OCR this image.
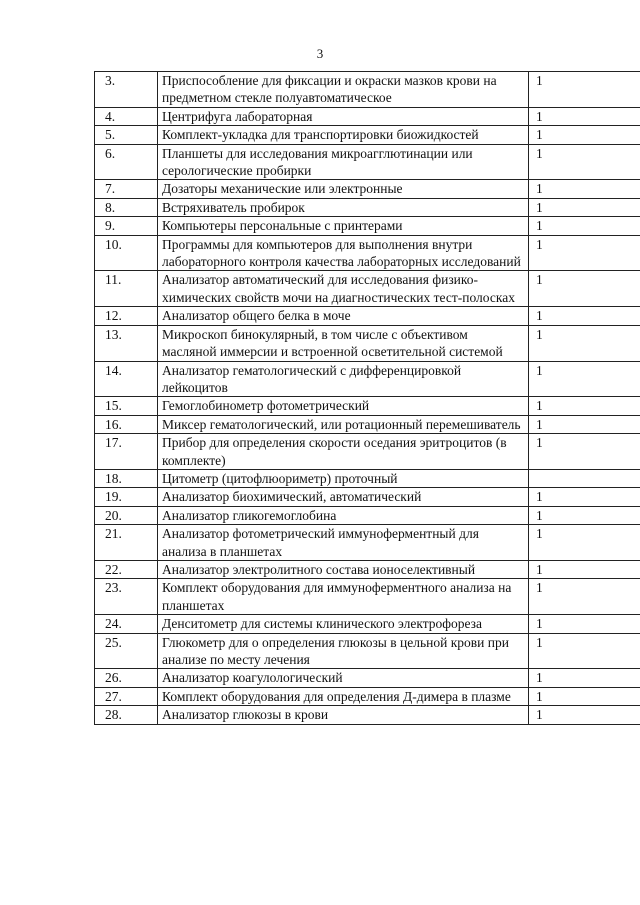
3
3.	Приспособление для фиксации и окраски мазков крови на предметном стекле полуавтоматическое	1
4.	Центрифуга лабораторная	1
5.	Комплект-укладка для транспортировки биожидкостей	1
6.	Планшеты для исследования микроагглютинации или серологические пробирки	1
7.	Дозаторы механические или электронные	1
8.	Встряхиватель пробирок	1
9.	Компьютеры персональные с принтерами	1
10.	Программы для компьютеров для выполнения внутри лабораторного контроля качества лабораторных исследований	1
11.	Анализатор автоматический для исследования физико-химических свойств мочи на диагностических тест-полосках	1
12.	Анализатор общего белка в моче	1
13.	Микроскоп бинокулярный, в том числе с объективом масляной иммерсии и встроенной осветительной системой	1
14.	Анализатор гематологический с дифференцировкой лейкоцитов	1
15.	Гемоглобинометр фотометрический	1
16.	Миксер гематологический, или ротационный перемешиватель	1
17.	Прибор для определения скорости оседания эритроцитов (в комплекте)	1
18.	Цитометр (цитофлюориметр) проточный	
19.	Анализатор биохимический, автоматический	1
20.	Анализатор гликогемоглобина	1
21.	Анализатор фотометрический иммуноферментный для анализа в планшетах	1
22.	Анализатор электролитного состава ионоселективный	1
23.	Комплект оборудования для иммуноферментного анализа на планшетах	1
24.	Денситометр для системы клинического электрофореза	1
25.	Глюкометр для о определения глюкозы в цельной крови при анализе по месту лечения	1
26.	Анализатор коагулологический	1
27.	Комплект оборудования для определения Д-димера в плазме	1
28.	Анализатор глюкозы в крови	1
